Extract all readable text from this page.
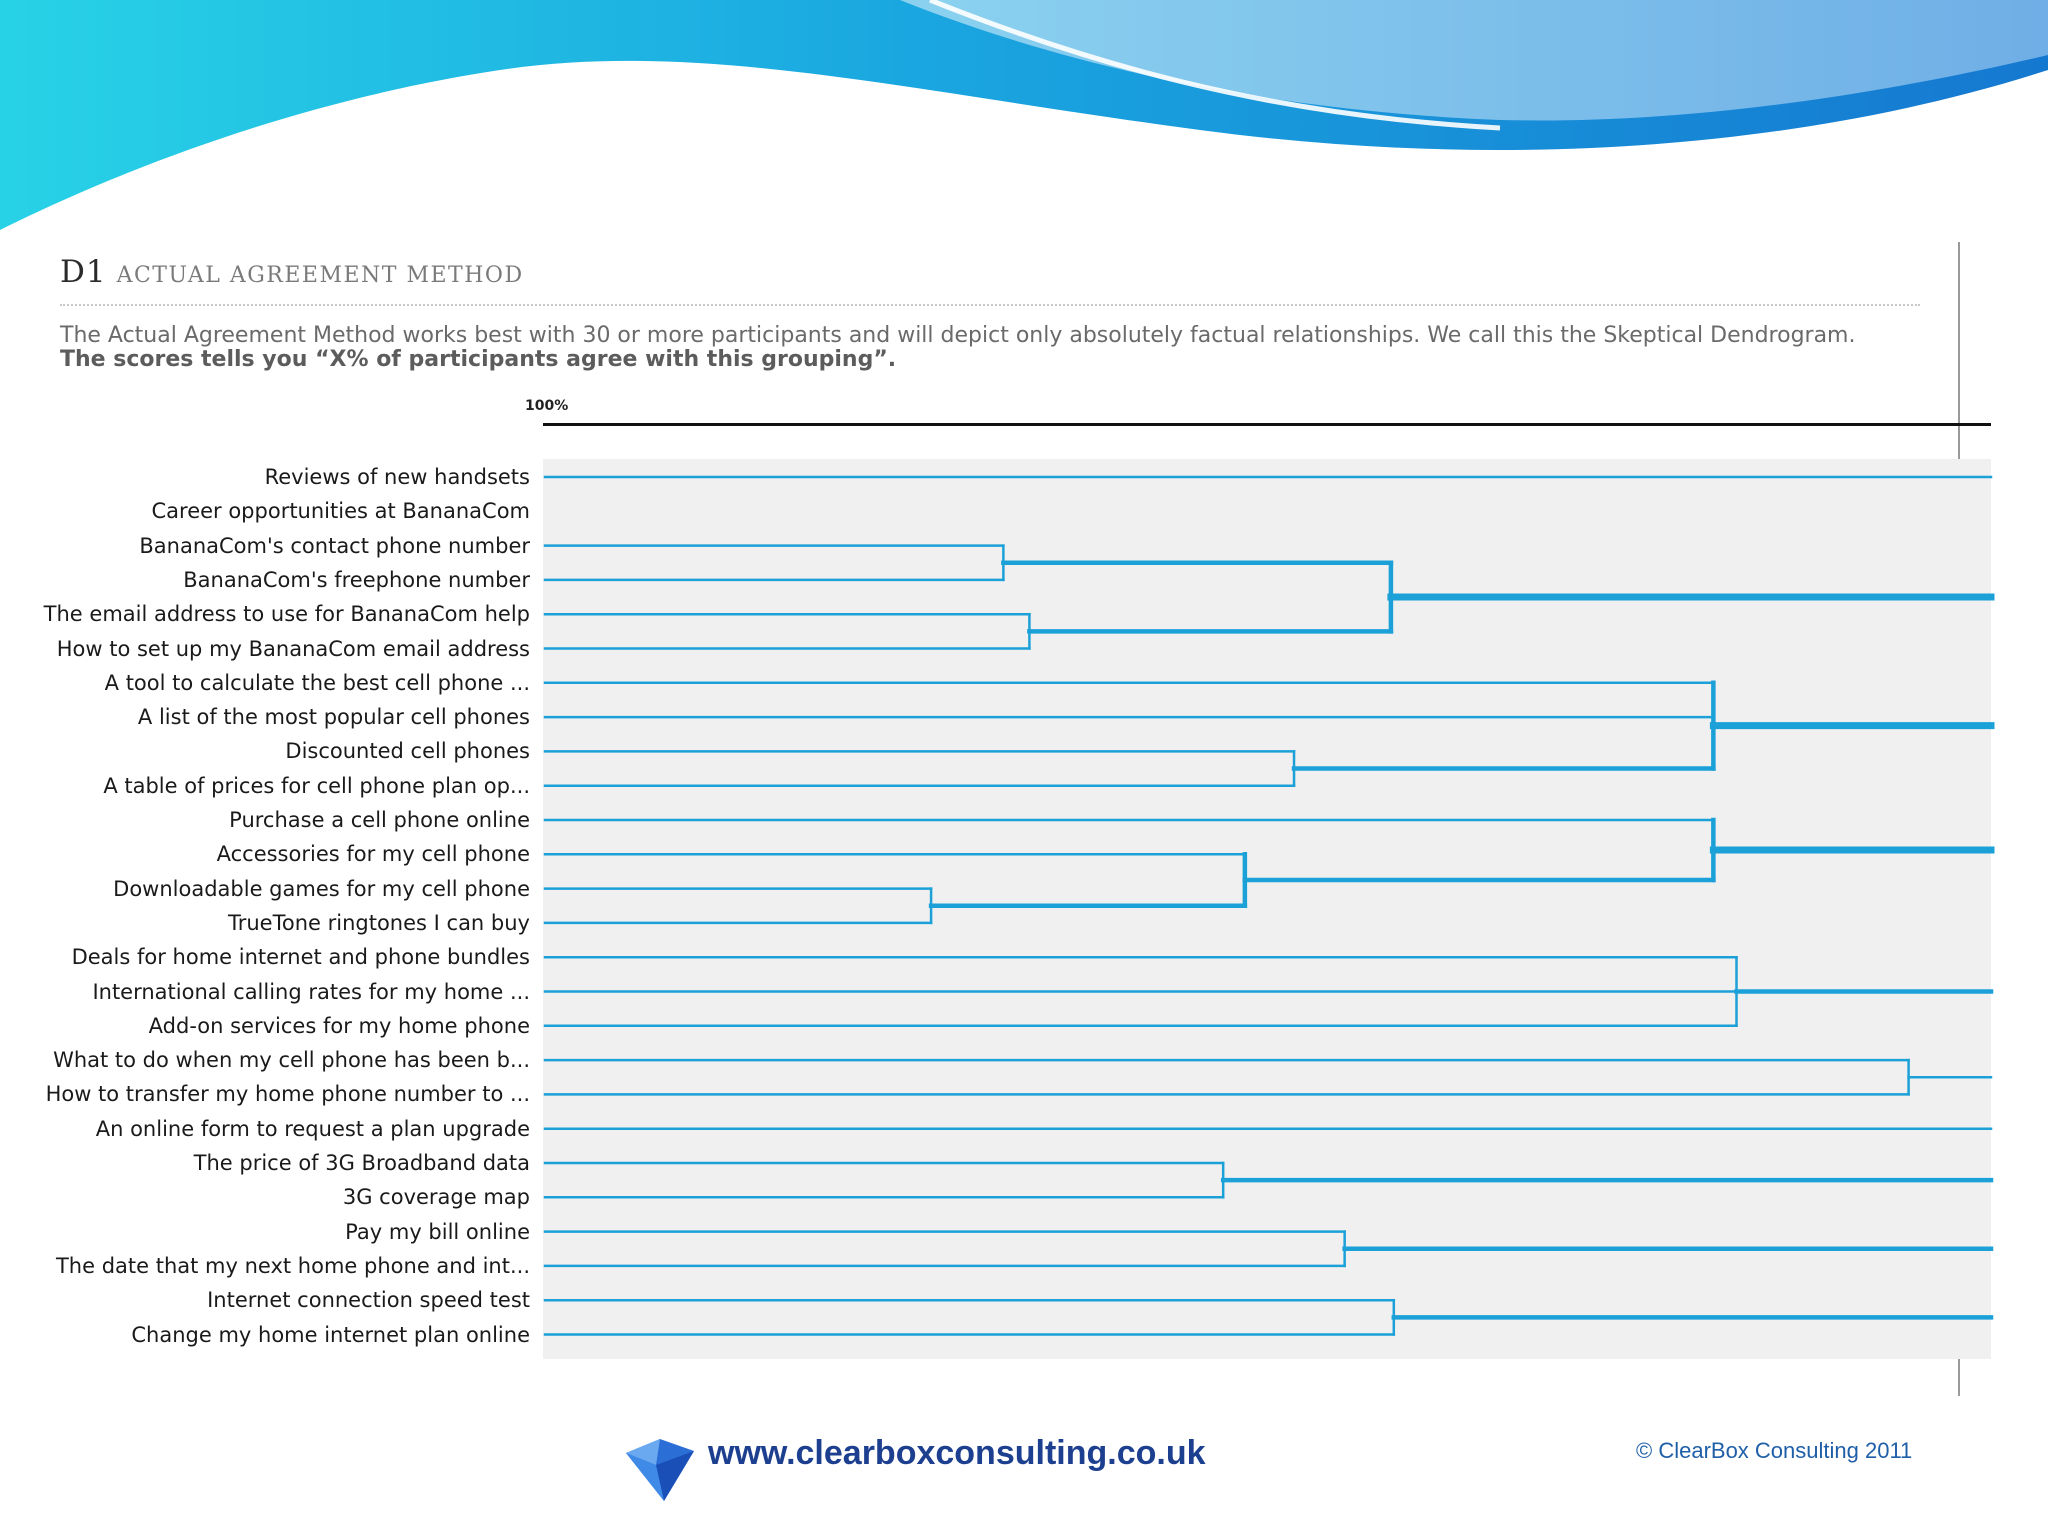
D1 ACTUAL AGREEMENT METHOD
The Actual Agreement Method works best with 30 or more participants and will depict only absolutely factual relationships. We call this the Skeptical Dendrogram.
The scores tells you “X% of participants agree with this grouping”.
100%
Reviews of new handsets
Career opportunities at BananaCom
BananaCom's contact phone number
BananaCom's freephone number
The email address to use for BananaCom help
How to set up my BananaCom email address
A tool to calculate the best cell phone ...
A list of the most popular cell phones
Discounted cell phones
A table of prices for cell phone plan op...
Purchase a cell phone online
Accessories for my cell phone
Downloadable games for my cell phone
TrueTone ringtones I can buy
Deals for home internet and phone bundles
International calling rates for my home ...
Add-on services for my home phone
What to do when my cell phone has been b...
How to transfer my home phone number to ...
An online form to request a plan upgrade
The price of 3G Broadband data
3G coverage map
Pay my bill online
The date that my next home phone and int...
Internet connection speed test
Change my home internet plan online
www.clearboxconsulting.co.uk	© ClearBox Consulting 2011
